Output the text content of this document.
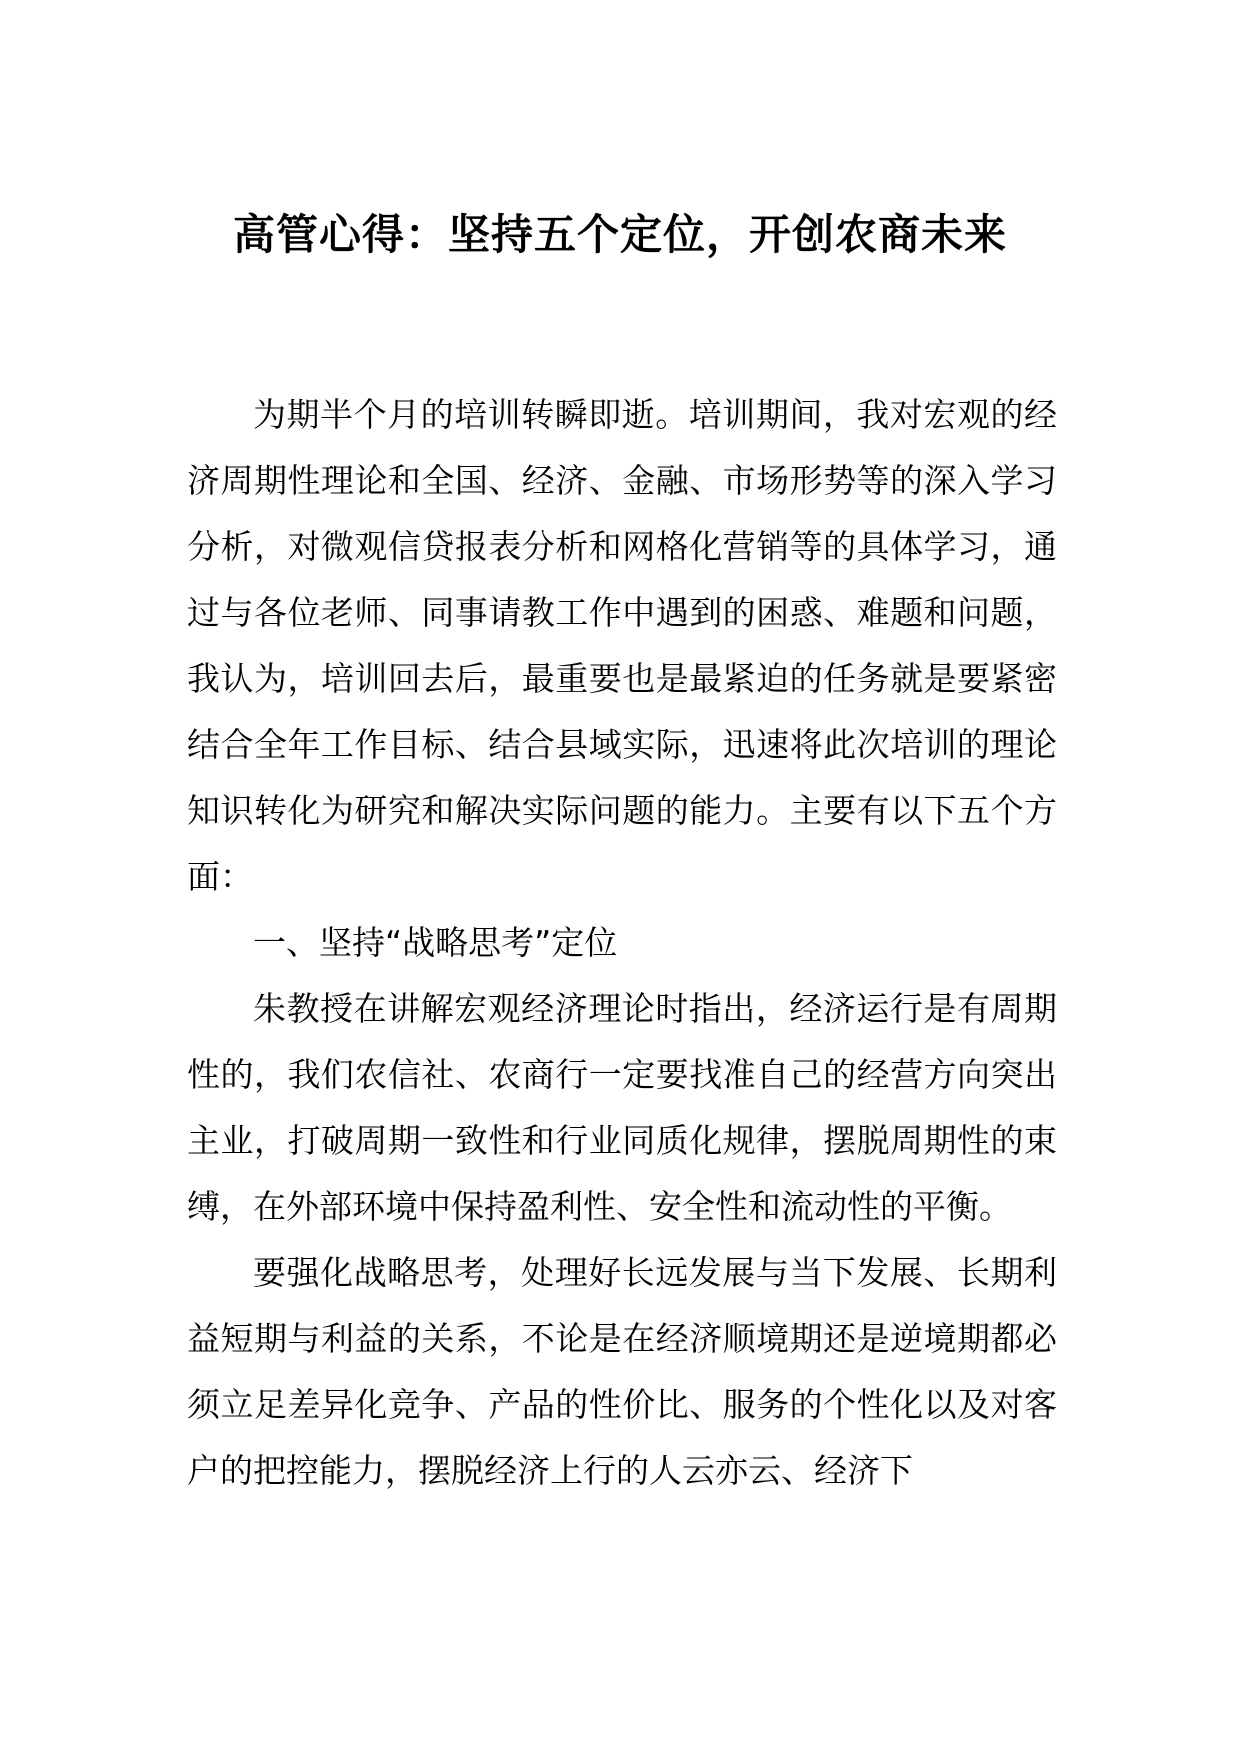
高管心得：坚持五个定位，开创农商未来

为期半个月的培训转瞬即逝。培训期间，我对宏观的经济周期性理论和全国、经济、金融、市场形势等的深入学习分析，对微观信贷报表分析和网格化营销等的具体学习，通过与各位老师、同事请教工作中遇到的困惑、难题和问题，我认为，培训回去后，最重要也是最紧迫的任务就是要紧密结合全年工作目标、结合县域实际，迅速将此次培训的理论知识转化为研究和解决实际问题的能力。主要有以下五个方面：

一、坚持“战略思考”定位

朱教授在讲解宏观经济理论时指出，经济运行是有周期性的，我们农信社、农商行一定要找准自己的经营方向突出主业，打破周期一致性和行业同质化规律，摆脱周期性的束缚，在外部环境中保持盈利性、安全性和流动性的平衡。

要强化战略思考，处理好长远发展与当下发展、长期利益短期与利益的关系，不论是在经济顺境期还是逆境期都必须立足差异化竞争、产品的性价比、服务的个性化以及对客户的把控能力，摆脱经济上行的人云亦云、经济下
